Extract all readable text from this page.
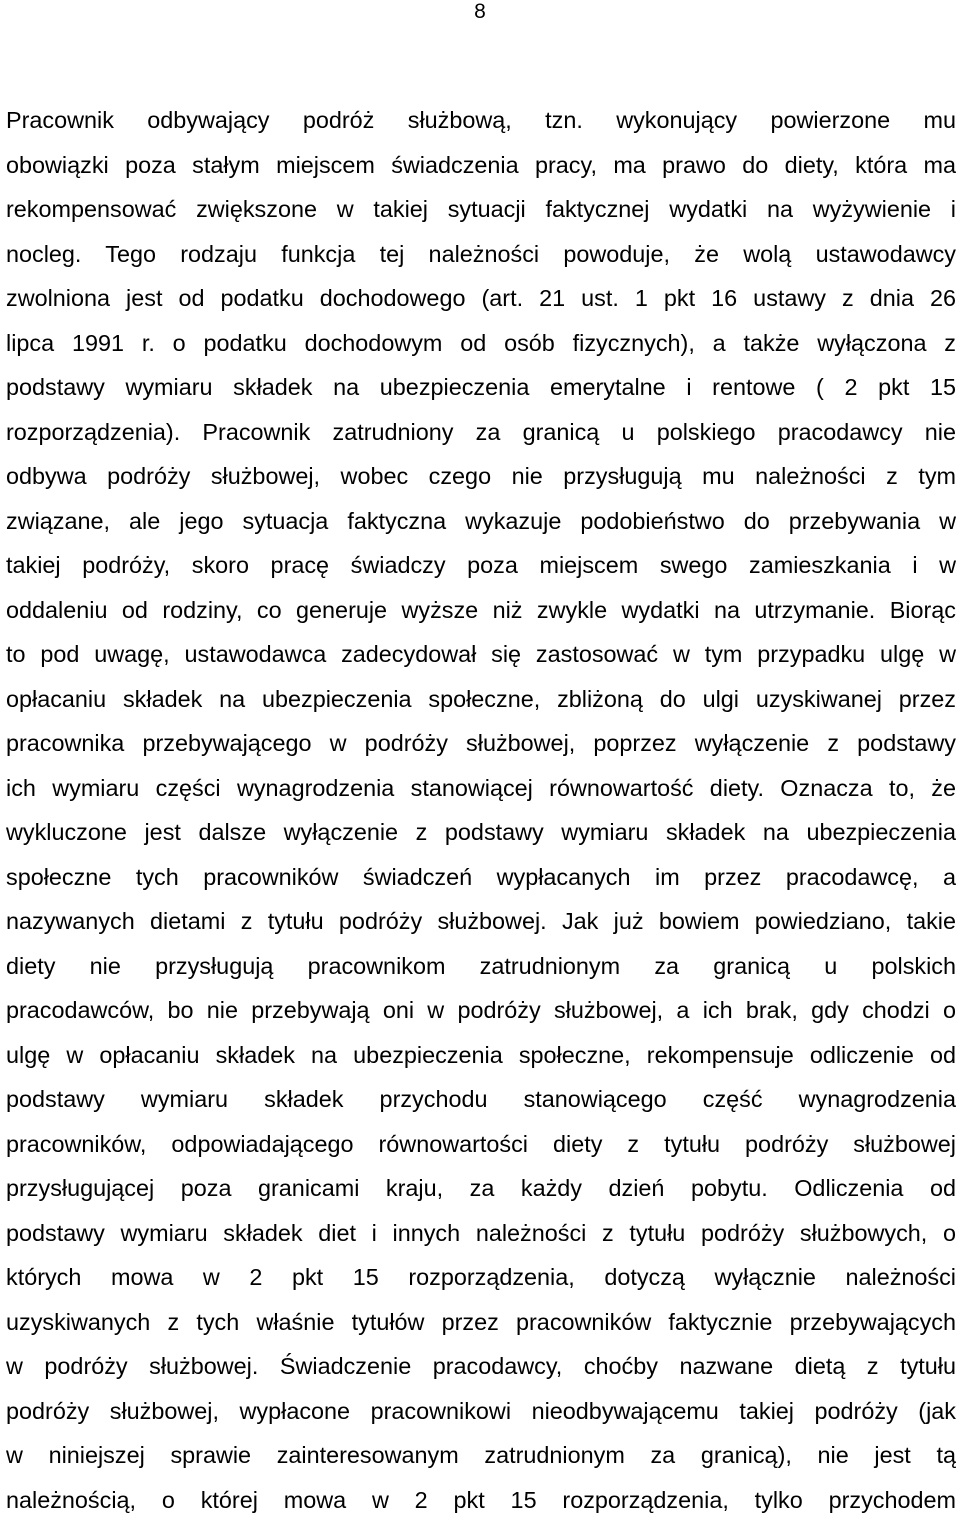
8
Pracownik odbywający podróż służbową, tzn. wykonujący powierzone mu
obowiązki poza stałym miejscem świadczenia pracy, ma prawo do diety, która ma
rekompensować zwiększone w takiej sytuacji faktycznej wydatki na wyżywienie i
nocleg. Tego rodzaju funkcja tej należności powoduje, że wolą ustawodawcy
zwolniona jest od podatku dochodowego (art. 21 ust. 1 pkt 16 ustawy z dnia 26
lipca 1991 r. o podatku dochodowym od osób fizycznych), a także wyłączona z
podstawy wymiaru składek na ubezpieczenia emerytalne i rentowe ( 2 pkt 15
rozporządzenia). Pracownik zatrudniony za granicą u polskiego pracodawcy nie
odbywa podróży służbowej, wobec czego nie przysługują mu należności z tym
związane, ale jego sytuacja faktyczna wykazuje podobieństwo do przebywania w
takiej podróży, skoro pracę świadczy poza miejscem swego zamieszkania i w
oddaleniu od rodziny, co generuje wyższe niż zwykle wydatki na utrzymanie. Biorąc
to pod uwagę, ustawodawca zadecydował się zastosować w tym przypadku ulgę w
opłacaniu składek na ubezpieczenia społeczne, zbliżoną do ulgi uzyskiwanej przez
pracownika przebywającego w podróży służbowej, poprzez wyłączenie z podstawy
ich wymiaru części wynagrodzenia stanowiącej równowartość diety. Oznacza to, że
wykluczone jest dalsze wyłączenie z podstawy wymiaru składek na ubezpieczenia
społeczne tych pracowników świadczeń wypłacanych im przez pracodawcę, a
nazywanych dietami z tytułu podróży służbowej. Jak już bowiem powiedziano, takie
diety nie przysługują pracownikom zatrudnionym za granicą u polskich
pracodawców, bo nie przebywają oni w podróży służbowej, a ich brak, gdy chodzi o
ulgę w opłacaniu składek na ubezpieczenia społeczne, rekompensuje odliczenie od
podstawy wymiaru składek przychodu stanowiącego część wynagrodzenia
pracowników, odpowiadającego równowartości diety z tytułu podróży służbowej
przysługującej poza granicami kraju, za każdy dzień pobytu. Odliczenia od
podstawy wymiaru składek diet i innych należności z tytułu podróży służbowych, o
których mowa w 2 pkt 15 rozporządzenia, dotyczą wyłącznie należności
uzyskiwanych z tych właśnie tytułów przez pracowników faktycznie przebywających
w podróży służbowej. Świadczenie pracodawcy, choćby nazwane dietą z tytułu
podróży służbowej, wypłacone pracownikowi nieodbywającemu takiej podróży (jak
w niniejszej sprawie zainteresowanym zatrudnionym za granicą), nie jest tą
należnością, o której mowa w 2 pkt 15 rozporządzenia, tylko przychodem
